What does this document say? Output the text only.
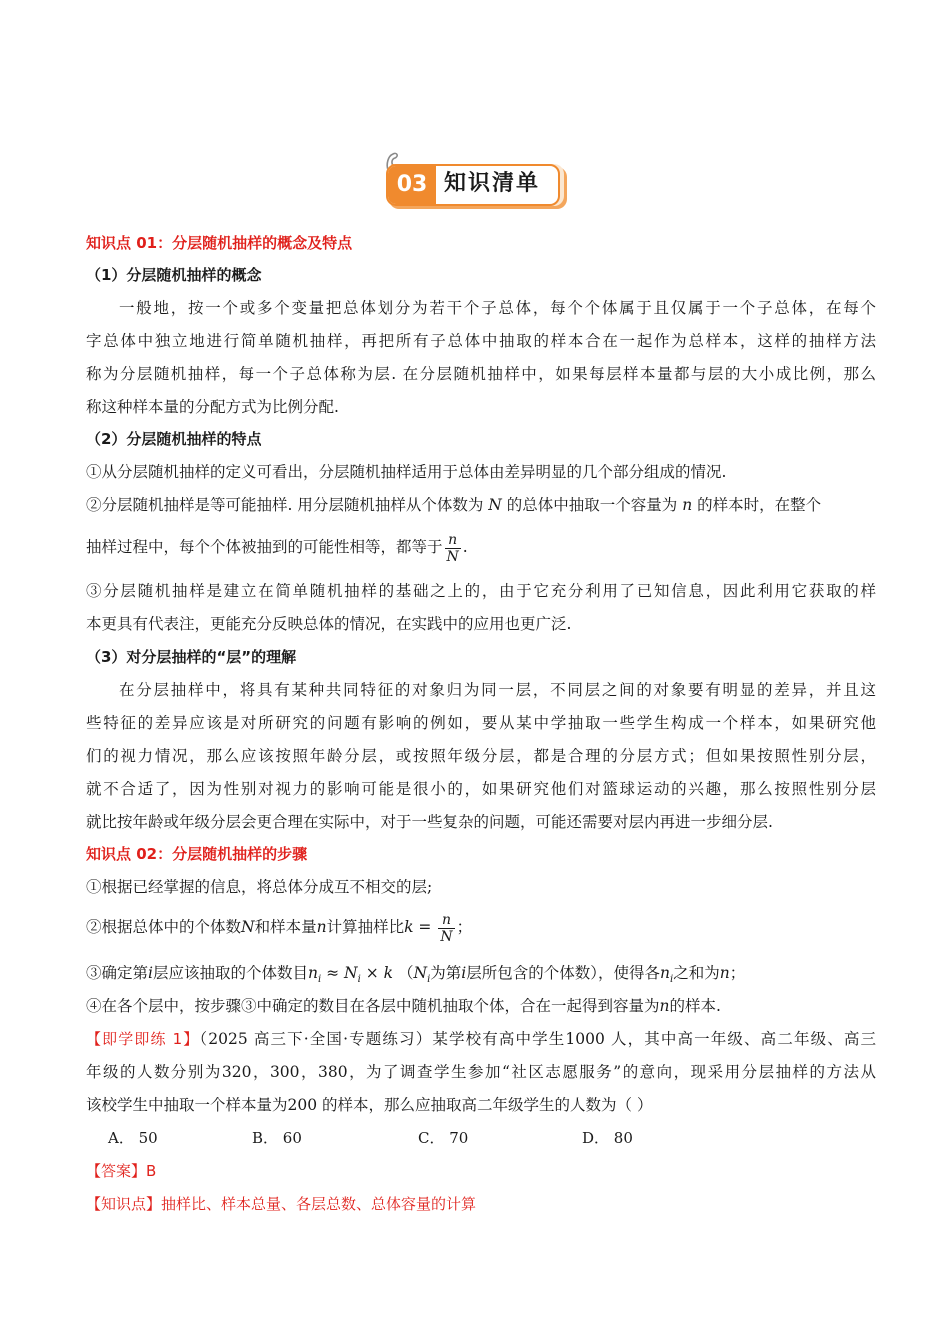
03 知识清单
知识点 01：分层随机抽样的概念及特点
（1）分层随机抽样的概念
一般地，按一个或多个变量把总体划分为若干个子总体，每个个体属于且仅属于一个子总体，在每个
字总体中独立地进行简单随机抽样，再把所有子总体中抽取的样本合在一起作为总样本，这样的抽样方法
称为分层随机抽样，每一个子总体称为层. 在分层随机抽样中，如果每层样本量都与层的大小成比例，那么
称这种样本量的分配方式为比例分配.
（2）分层随机抽样的特点
①从分层随机抽样的定义可看出，分层随机抽样适用于总体由差异明显的几个部分组成的情况.
②分层随机抽样是等可能抽样. 用分层随机抽样从个体数为 N 的总体中抽取一个容量为 n 的样本时，在整个
抽样过程中，每个个体被抽到的可能性相等，都等于 $\frac{n}{N}$ .
③分层随机抽样是建立在简单随机抽样的基础之上的，由于它充分利用了已知信息，因此利用它获取的样
本更具有代表注，更能充分反映总体的情况，在实践中的应用也更广泛.
（3）对分层抽样的“层”的理解
在分层抽样中，将具有某种共同特征的对象归为同一层，不同层之间的对象要有明显的差异，并且这
些特征的差异应该是对所研究的问题有影响的例如，要从某中学抽取一些学生构成一个样本，如果研究他
们的视力情况，那么应该按照年龄分层，或按照年级分层，都是合理的分层方式；但如果按照性别分层，
就不合适了，因为性别对视力的影响可能是很小的，如果研究他们对篮球运动的兴趣，那么按照性别分层
就比按年龄或年级分层会更合理在实际中，对于一些复杂的问题，可能还需要对层内再进一步细分层.
知识点 02：分层随机抽样的步骤
①根据已经掌握的信息，将总体分成互不相交的层;
②根据总体中的个体数N和样本量n计算抽样比$k = \frac{n}{N}$ ；
③确定第i层应该抽取的个体数目$n_i \approx N_i \times k$ （$N_i$为第i层所包含的个体数），使得各$n_i$之和为n；
④在各个层中，按步骤③中确定的数目在各层中随机抽取个体，合在一起得到容量为n的样本.
【即学即练 1】（2025 高三下·全国·专题练习）某学校有高中学生1000 人，其中高一年级、高二年级、高三
年级的人数分别为320，300，380，为了调查学生参加“社区志愿服务”的意向，现采用分层抽样的方法从
该校学生中抽取一个样本量为200 的样本，那么应抽取高二年级学生的人数为（ ）
A． 50	B． 60	C． 70	D． 80
【答案】B
【知识点】抽样比、样本总量、各层总数、总体容量的计算
